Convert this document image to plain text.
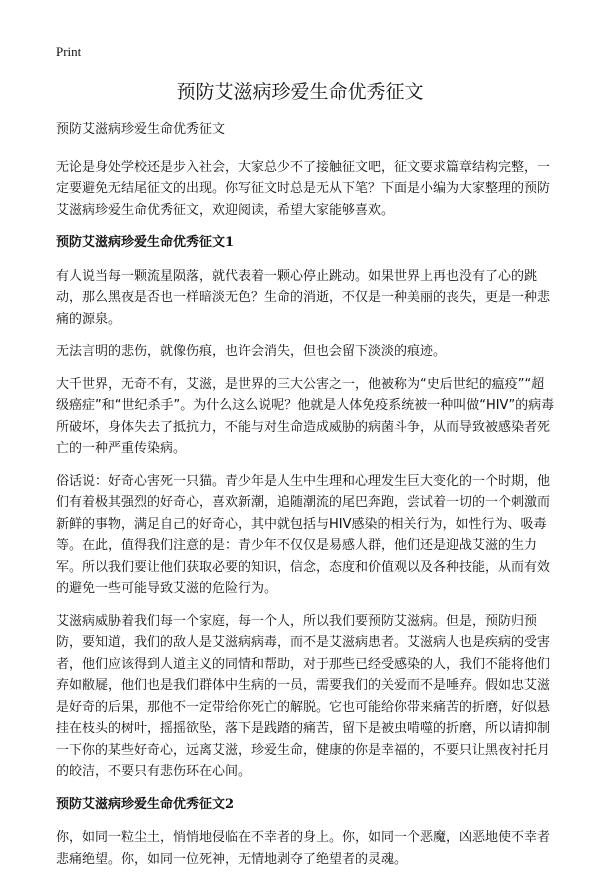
Print
预防艾滋病珍爱生命优秀征文

预防艾滋病珍爱生命优秀征文

无论是身处学校还是步入社会，大家总少不了接触征文吧，征文要求篇章结构完整，一定要避免无结尾征文的出现。你写征文时总是无从下笔？下面是小编为大家整理的预防艾滋病珍爱生命优秀征文，欢迎阅读，希望大家能够喜欢。

预防艾滋病珍爱生命优秀征文1

有人说当每一颗流星陨落，就代表着一颗心停止跳动。如果世界上再也没有了心的跳动，那么黑夜是否也一样暗淡无色？生命的消逝，不仅是一种美丽的丧失，更是一种悲痛的源泉。

无法言明的悲伤，就像伤痕，也许会消失，但也会留下淡淡的痕迹。

大千世界，无奇不有，艾滋，是世界的三大公害之一，他被称为“史后世纪的瘟疫”“超级癌症”和“世纪杀手”。为什么这么说呢？他就是人体免疫系统被一种叫做“HIV”的病毒所破坏，身体失去了抵抗力，不能与对生命造成威胁的病菌斗争，从而导致被感染者死亡的一种严重传染病。

俗话说：好奇心害死一只猫。青少年是人生中生理和心理发生巨大变化的一个时期，他们有着极其强烈的好奇心，喜欢新潮，追随潮流的尾巴奔跑，尝试着一切的一个刺激而新鲜的事物，满足自己的好奇心，其中就包括与HIV感染的相关行为，如性行为、吸毒等。在此，值得我们注意的是：青少年不仅仅是易感人群，他们还是迎战艾滋的生力军。所以我们要让他们获取必要的知识，信念，态度和价值观以及各种技能，从而有效的避免一些可能导致艾滋的危险行为。

艾滋病威胁着我们每一个家庭，每一个人，所以我们要预防艾滋病。但是，预防归预防，要知道，我们的敌人是艾滋病病毒，而不是艾滋病患者。艾滋病人也是疾病的受害者，他们应该得到人道主义的同情和帮助，对于那些已经受感染的人，我们不能将他们弃如敝屣，他们也是我们群体中生病的一员，需要我们的关爱而不是唾弃。假如忠艾滋是好奇的后果，那他不一定带给你死亡的解脱。它也可能给你带来痛苦的折磨，好似悬挂在枝头的树叶，摇摇欲坠，落下是践踏的痛苦，留下是被虫啃噬的折磨，所以请抑制一下你的某些好奇心，远离艾滋，珍爱生命，健康的你是幸福的，不要只让黑夜衬托月的皎洁，不要只有悲伤环在心间。

预防艾滋病珍爱生命优秀征文2

你，如同一粒尘土，悄悄地侵临在不幸者的身上。你，如同一个恶魔，凶恶地使不幸者悲痛绝望。你，如同一位死神，无情地剥夺了绝望者的灵魂。
